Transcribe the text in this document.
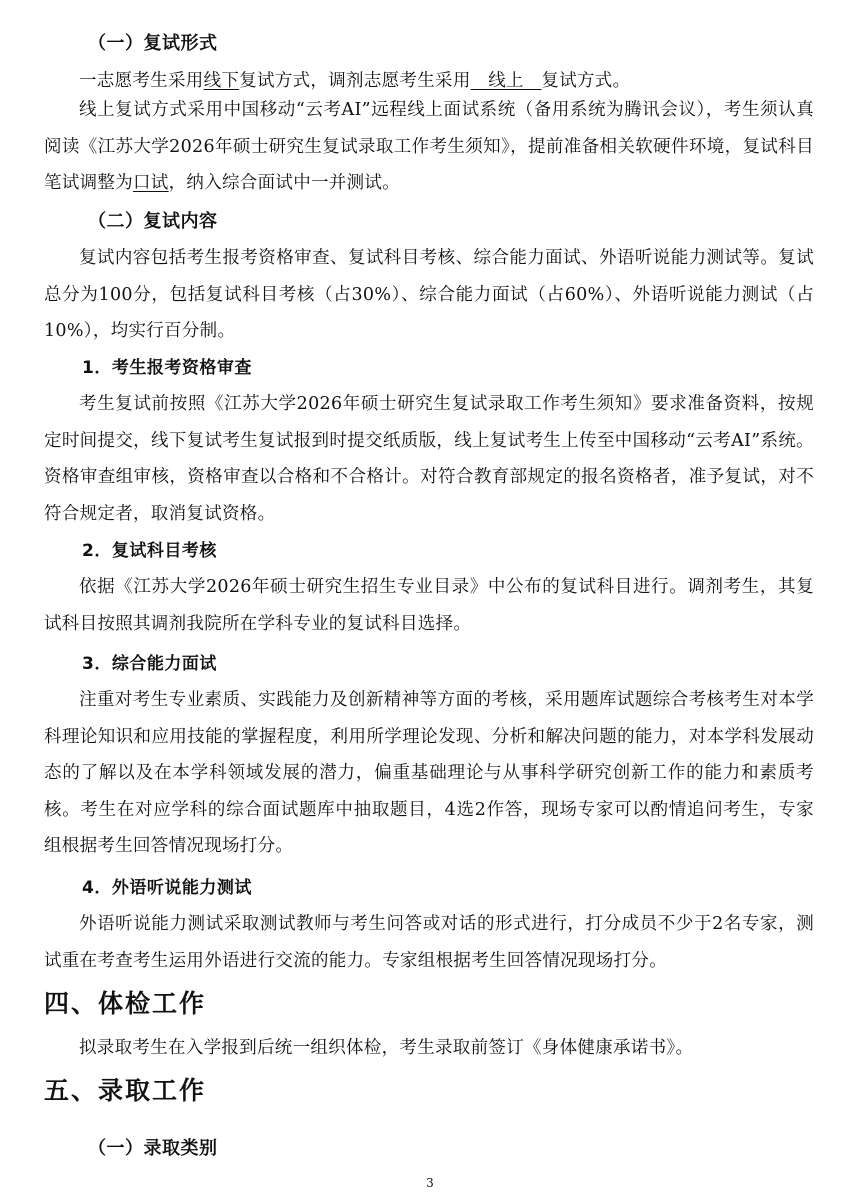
（一）复试形式
一志愿考生采用线下复试方式，调剂志愿考生采用   线上   复试方式。
线上复试方式采用中国移动“云考AI”远程线上面试系统（备用系统为腾讯会议），考生须认真阅读《江苏大学2026年硕士研究生复试录取工作考生须知》，提前准备相关软硬件环境，复试科目笔试调整为口试，纳入综合面试中一并测试。
（二）复试内容
复试内容包括考生报考资格审查、复试科目考核、综合能力面试、外语听说能力测试等。复试总分为100分，包括复试科目考核（占30%）、综合能力面试（占60%）、外语听说能力测试（占10%），均实行百分制。
1．考生报考资格审查
考生复试前按照《江苏大学2026年硕士研究生复试录取工作考生须知》要求准备资料，按规定时间提交，线下复试考生复试报到时提交纸质版，线上复试考生上传至中国移动“云考AI”系统。资格审查组审核，资格审查以合格和不合格计。对符合教育部规定的报名资格者，准予复试，对不符合规定者，取消复试资格。
2．复试科目考核
依据《江苏大学2026年硕士研究生招生专业目录》中公布的复试科目进行。调剂考生，其复试科目按照其调剂我院所在学科专业的复试科目选择。
3．综合能力面试
注重对考生专业素质、实践能力及创新精神等方面的考核，采用题库试题综合考核考生对本学科理论知识和应用技能的掌握程度，利用所学理论发现、分析和解决问题的能力，对本学科发展动态的了解以及在本学科领域发展的潜力，偏重基础理论与从事科学研究创新工作的能力和素质考核。考生在对应学科的综合面试题库中抽取题目，4选2作答，现场专家可以酌情追问考生，专家组根据考生回答情况现场打分。
4．外语听说能力测试
外语听说能力测试采取测试教师与考生问答或对话的形式进行，打分成员不少于2名专家，测试重在考查考生运用外语进行交流的能力。专家组根据考生回答情况现场打分。
四、体检工作
拟录取考生在入学报到后统一组织体检，考生录取前签订《身体健康承诺书》。
五、录取工作
（一）录取类别
3
